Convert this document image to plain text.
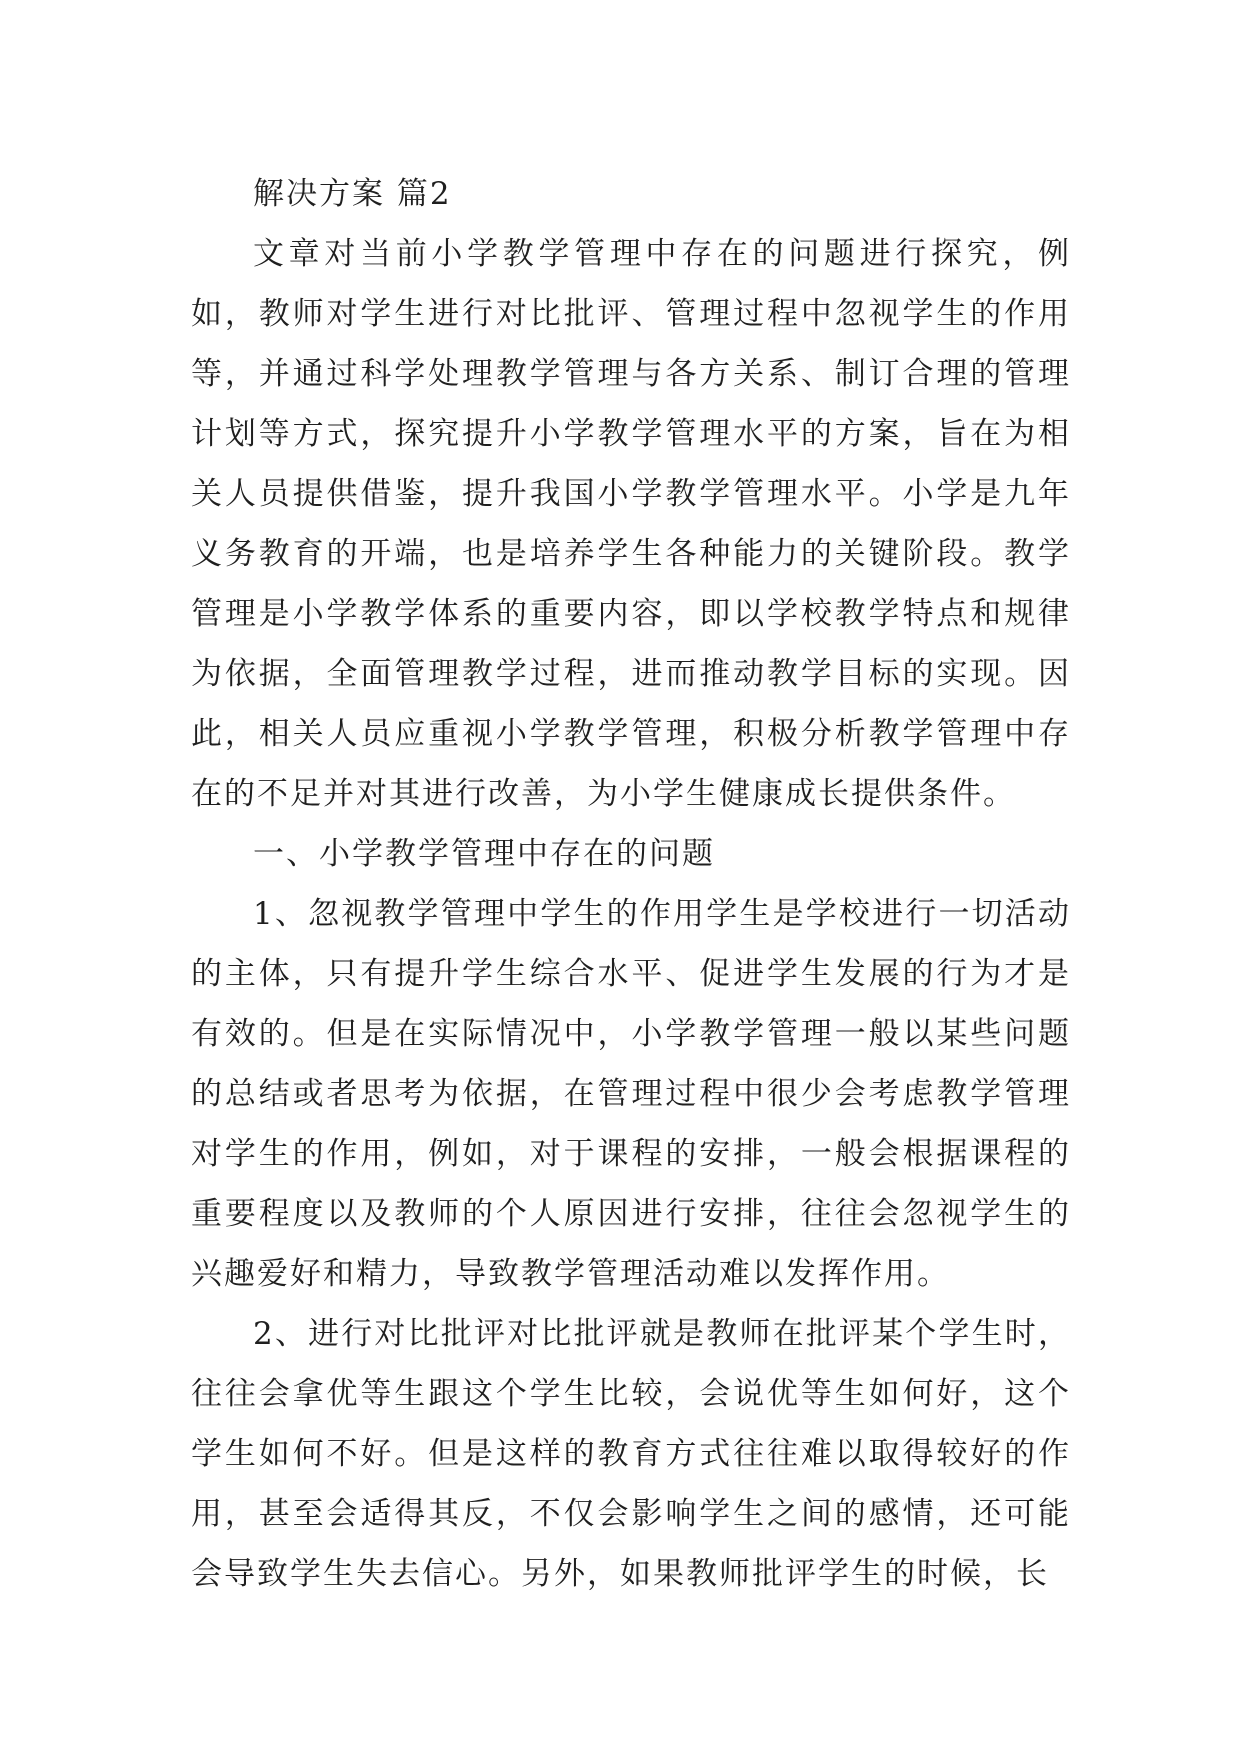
解决方案 篇2

文章对当前小学教学管理中存在的问题进行探究，例如，教师对学生进行对比批评、管理过程中忽视学生的作用等，并通过科学处理教学管理与各方关系、制订合理的管理计划等方式，探究提升小学教学管理水平的方案，旨在为相关人员提供借鉴，提升我国小学教学管理水平。小学是九年义务教育的开端，也是培养学生各种能力的关键阶段。教学管理是小学教学体系的重要内容，即以学校教学特点和规律为依据，全面管理教学过程，进而推动教学目标的实现。因此，相关人员应重视小学教学管理，积极分析教学管理中存在的不足并对其进行改善，为小学生健康成长提供条件。

一、小学教学管理中存在的问题

1、忽视教学管理中学生的作用学生是学校进行一切活动的主体，只有提升学生综合水平、促进学生发展的行为才是有效的。但是在实际情况中，小学教学管理一般以某些问题的总结或者思考为依据，在管理过程中很少会考虑教学管理对学生的作用，例如，对于课程的安排，一般会根据课程的重要程度以及教师的个人原因进行安排，往往会忽视学生的兴趣爱好和精力，导致教学管理活动难以发挥作用。

2、进行对比批评对比批评就是教师在批评某个学生时，往往会拿优等生跟这个学生比较，会说优等生如何好，这个学生如何不好。但是这样的教育方式往往难以取得较好的作用，甚至会适得其反，不仅会影响学生之间的感情，还可能会导致学生失去信心。另外，如果教师批评学生的时候，长
